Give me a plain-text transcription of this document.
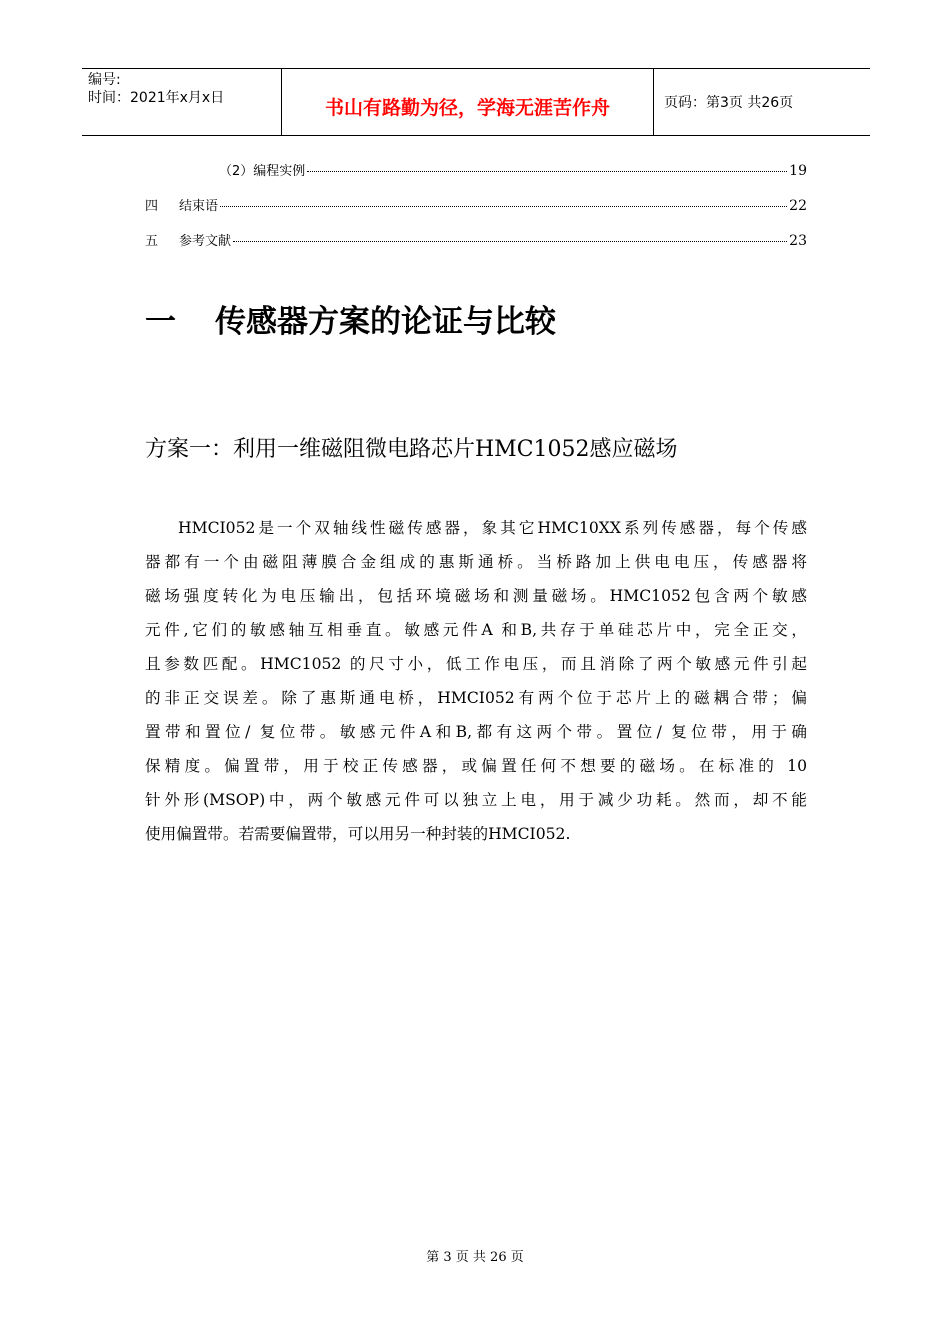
编号:
时间：2021年x月x日	书山有路勤为径，学海无涯苦作舟	页码：第3页 共26页
（2）编程实例	19
四	结束语	22
五	参考文献	23
一 传感器方案的论证与比较
方案一：利用一维磁阻微电路芯片HMC1052感应磁场
HMCI052是一个双轴线性磁传感器，象其它HMC10XX系列传感器，每个传感
器都有一个由磁阻薄膜合金组成的惠斯通桥。当桥路加上供电电压，传感器将
磁场强度转化为电压输出，包括环境磁场和测量磁场。HMC1052包含两个敏感
元件,它们的敏感轴互相垂直。敏感元件A 和B,共存于单硅芯片中，完全正交，
且参数匹配。HMC1052 的尺寸小，低工作电压，而且消除了两个敏感元件引起
的非正交误差。除了惠斯通电桥，HMCI052有两个位于芯片上的磁耦合带；偏
置带和置位/ 复位带。敏感元件A和B,都有这两个带。置位/ 复位带，用于确
保精度。偏置带，用于校正传感器，或偏置任何不想要的磁场。在标准的 10
针外形(MSOP)中，两个敏感元件可以独立上电，用于减少功耗。然而，却不能
使用偏置带。若需要偏置带，可以用另一种封装的HMCI052.
第 3 页 共 26 页
